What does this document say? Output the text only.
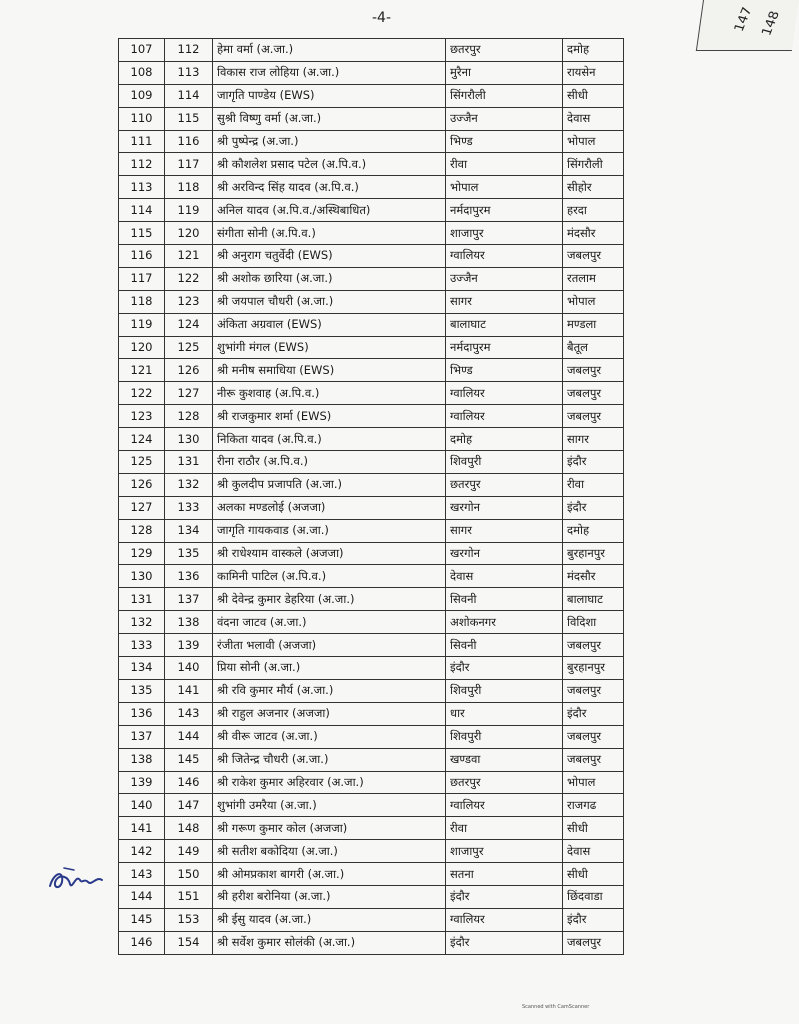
-4-	147 148
107	112	हेमा वर्मा (अ.जा.)	छतरपुर	दमोह
108	113	विकास राज लोहिया (अ.जा.)	मुरैना	रायसेन
109	114	जागृति पाण्डेय (EWS)	सिंगरौली	सीधी
110	115	सुश्री विष्णु वर्मा (अ.जा.)	उज्जैन	देवास
111	116	श्री पुष्पेन्द्र (अ.जा.)	भिण्ड	भोपाल
112	117	श्री कौशलेश प्रसाद पटेल (अ.पि.व.)	रीवा	सिंगरौली
113	118	श्री अरविन्द सिंह यादव (अ.पि.व.)	भोपाल	सीहोर
114	119	अनिल यादव (अ.पि.व./अस्थिबाधित)	नर्मदापुरम	हरदा
115	120	संगीता सोनी (अ.पि.व.)	शाजापुर	मंदसौर
116	121	श्री अनुराग चतुर्वेदी (EWS)	ग्वालियर	जबलपुर
117	122	श्री अशोक छारिया (अ.जा.)	उज्जैन	रतलाम
118	123	श्री जयपाल चौधरी (अ.जा.)	सागर	भोपाल
119	124	अंकिता अग्रवाल (EWS)	बालाघाट	मण्डला
120	125	शुभांगी मंगल (EWS)	नर्मदापुरम	बैतूल
121	126	श्री मनीष समाधिया (EWS)	भिण्ड	जबलपुर
122	127	नीरू कुशवाह (अ.पि.व.)	ग्वालियर	जबलपुर
123	128	श्री राजकुमार शर्मा (EWS)	ग्वालियर	जबलपुर
124	130	निकिता यादव (अ.पि.व.)	दमोह	सागर
125	131	रीना राठौर (अ.पि.व.)	शिवपुरी	इंदौर
126	132	श्री कुलदीप प्रजापति (अ.जा.)	छतरपुर	रीवा
127	133	अलका मण्डलोई (अजजा)	खरगोन	इंदौर
128	134	जागृति गायकवाड (अ.जा.)	सागर	दमोह
129	135	श्री राधेश्याम वास्कले (अजजा)	खरगोन	बुरहानपुर
130	136	कामिनी पाटिल (अ.पि.व.)	देवास	मंदसौर
131	137	श्री देवेन्द्र कुमार डेहरिया (अ.जा.)	सिवनी	बालाघाट
132	138	वंदना जाटव (अ.जा.)	अशोकनगर	विदिशा
133	139	रंजीता भलावी (अजजा)	सिवनी	जबलपुर
134	140	प्रिया सोनी (अ.जा.)	इंदौर	बुरहानपुर
135	141	श्री रवि कुमार मौर्य (अ.जा.)	शिवपुरी	जबलपुर
136	143	श्री राहुल अजनार (अजजा)	धार	इंदौर
137	144	श्री वीरू जाटव (अ.जा.)	शिवपुरी	जबलपुर
138	145	श्री जितेन्द्र चौधरी (अ.जा.)	खण्डवा	जबलपुर
139	146	श्री राकेश कुमार अहिरवार (अ.जा.)	छतरपुर	भोपाल
140	147	शुभांगी उमरैया (अ.जा.)	ग्वालियर	राजगढ
141	148	श्री गरूण कुमार कोल (अजजा)	रीवा	सीधी
142	149	श्री सतीश बकोदिया (अ.जा.)	शाजापुर	देवास
143	150	श्री ओमप्रकाश बागरी (अ.जा.)	सतना	सीधी
144	151	श्री हरीश बरोनिया (अ.जा.)	इंदौर	छिंदवाडा
145	153	श्री ईसु यादव (अ.जा.)	ग्वालियर	इंदौर
146	154	श्री सर्वेश कुमार सोलंकी (अ.जा.)	इंदौर	जबलपुर
Scanned with CamScanner
